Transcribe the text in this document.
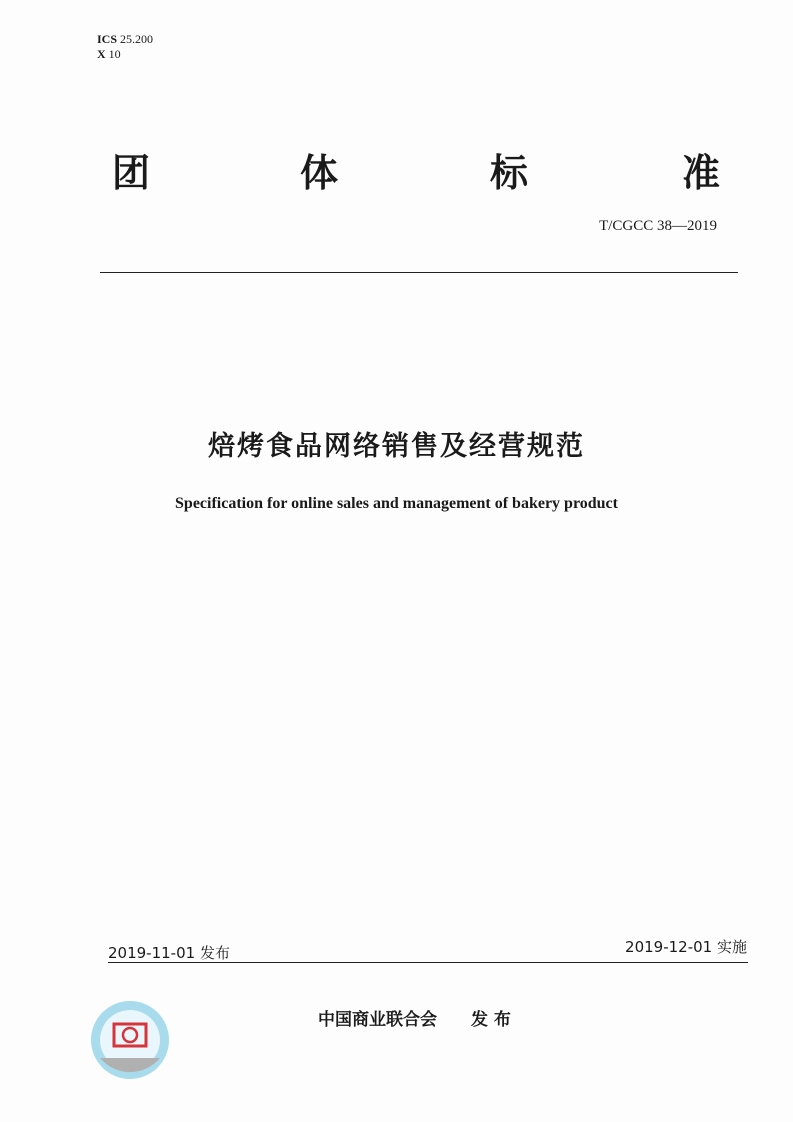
ICS 25.200
X 10
团	体	标	准
T/CGCC 38—2019
焙烤食品网络销售及经营规范
Specification for online sales and management of bakery product
2019-11-01 发布	2019-12-01 实施
中国商业联合会 发 布
